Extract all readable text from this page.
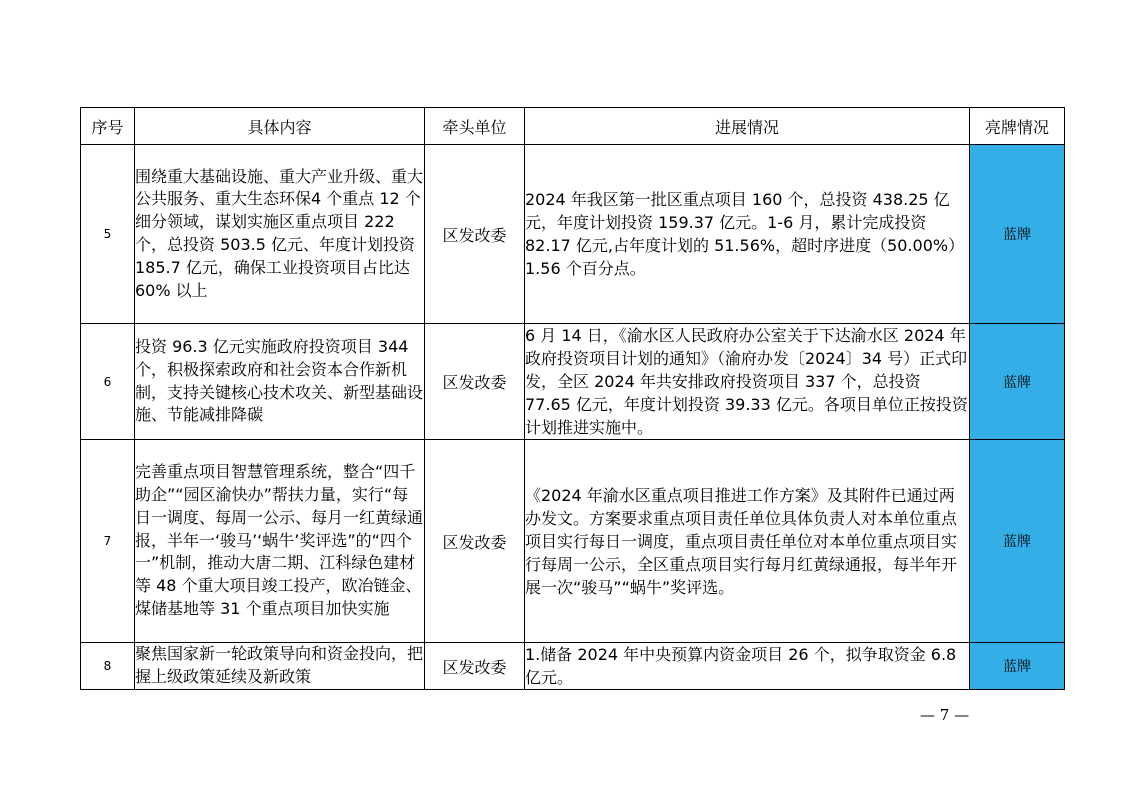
序号	具体内容	牵头单位	进展情况	亮牌情况
5	围绕重大基础设施、重大产业升级、重大公共服务、重大生态环保4 个重点 12 个细分领域，谋划实施区重点项目 222 个，总投资 503.5 亿元、年度计划投资 185.7 亿元，确保工业投资项目占比达 60% 以上	区发改委	2024 年我区第一批区重点项目 160 个，总投资 438.25 亿元，年度计划投资 159.37 亿元。1-6 月，累计完成投资 82.17 亿元,占年度计划的 51.56%，超时序进度（50.00%）1.56 个百分点。	蓝牌
6	投资 96.3 亿元实施政府投资项目 344 个，积极探索政府和社会资本合作新机制，支持关键核心技术攻关、新型基础设施、节能减排降碳	区发改委	6 月 14 日，《渝水区人民政府办公室关于下达渝水区 2024 年政府投资项目计划的通知》（渝府办发〔2024〕34 号）正式印发，全区 2024 年共安排政府投资项目 337 个，总投资 77.65 亿元，年度计划投资 39.33 亿元。各项目单位正按投资计划推进实施中。	蓝牌
7	完善重点项目智慧管理系统，整合“四千助企”“园区渝快办”帮扶力量，实行“每日一调度、每周一公示、每月一红黄绿通报，半年一‘骏马’‘蜗牛’奖评选”的“四个一”机制，推动大唐二期、江科绿色建材等 48 个重大项目竣工投产，欧冶链金、煤储基地等 31 个重点项目加快实施	区发改委	《2024 年渝水区重点项目推进工作方案》及其附件已通过两办发文。方案要求重点项目责任单位具体负责人对本单位重点项目实行每日一调度，重点项目责任单位对本单位重点项目实行每周一公示，全区重点项目实行每月红黄绿通报，每半年开展一次“骏马”“蜗牛”奖评选。	蓝牌
8	聚焦国家新一轮政策导向和资金投向，把握上级政策延续及新政策	区发改委	1.储备 2024 年中央预算内资金项目 26 个，拟争取资金 6.8 亿元。	蓝牌
— 7 —
